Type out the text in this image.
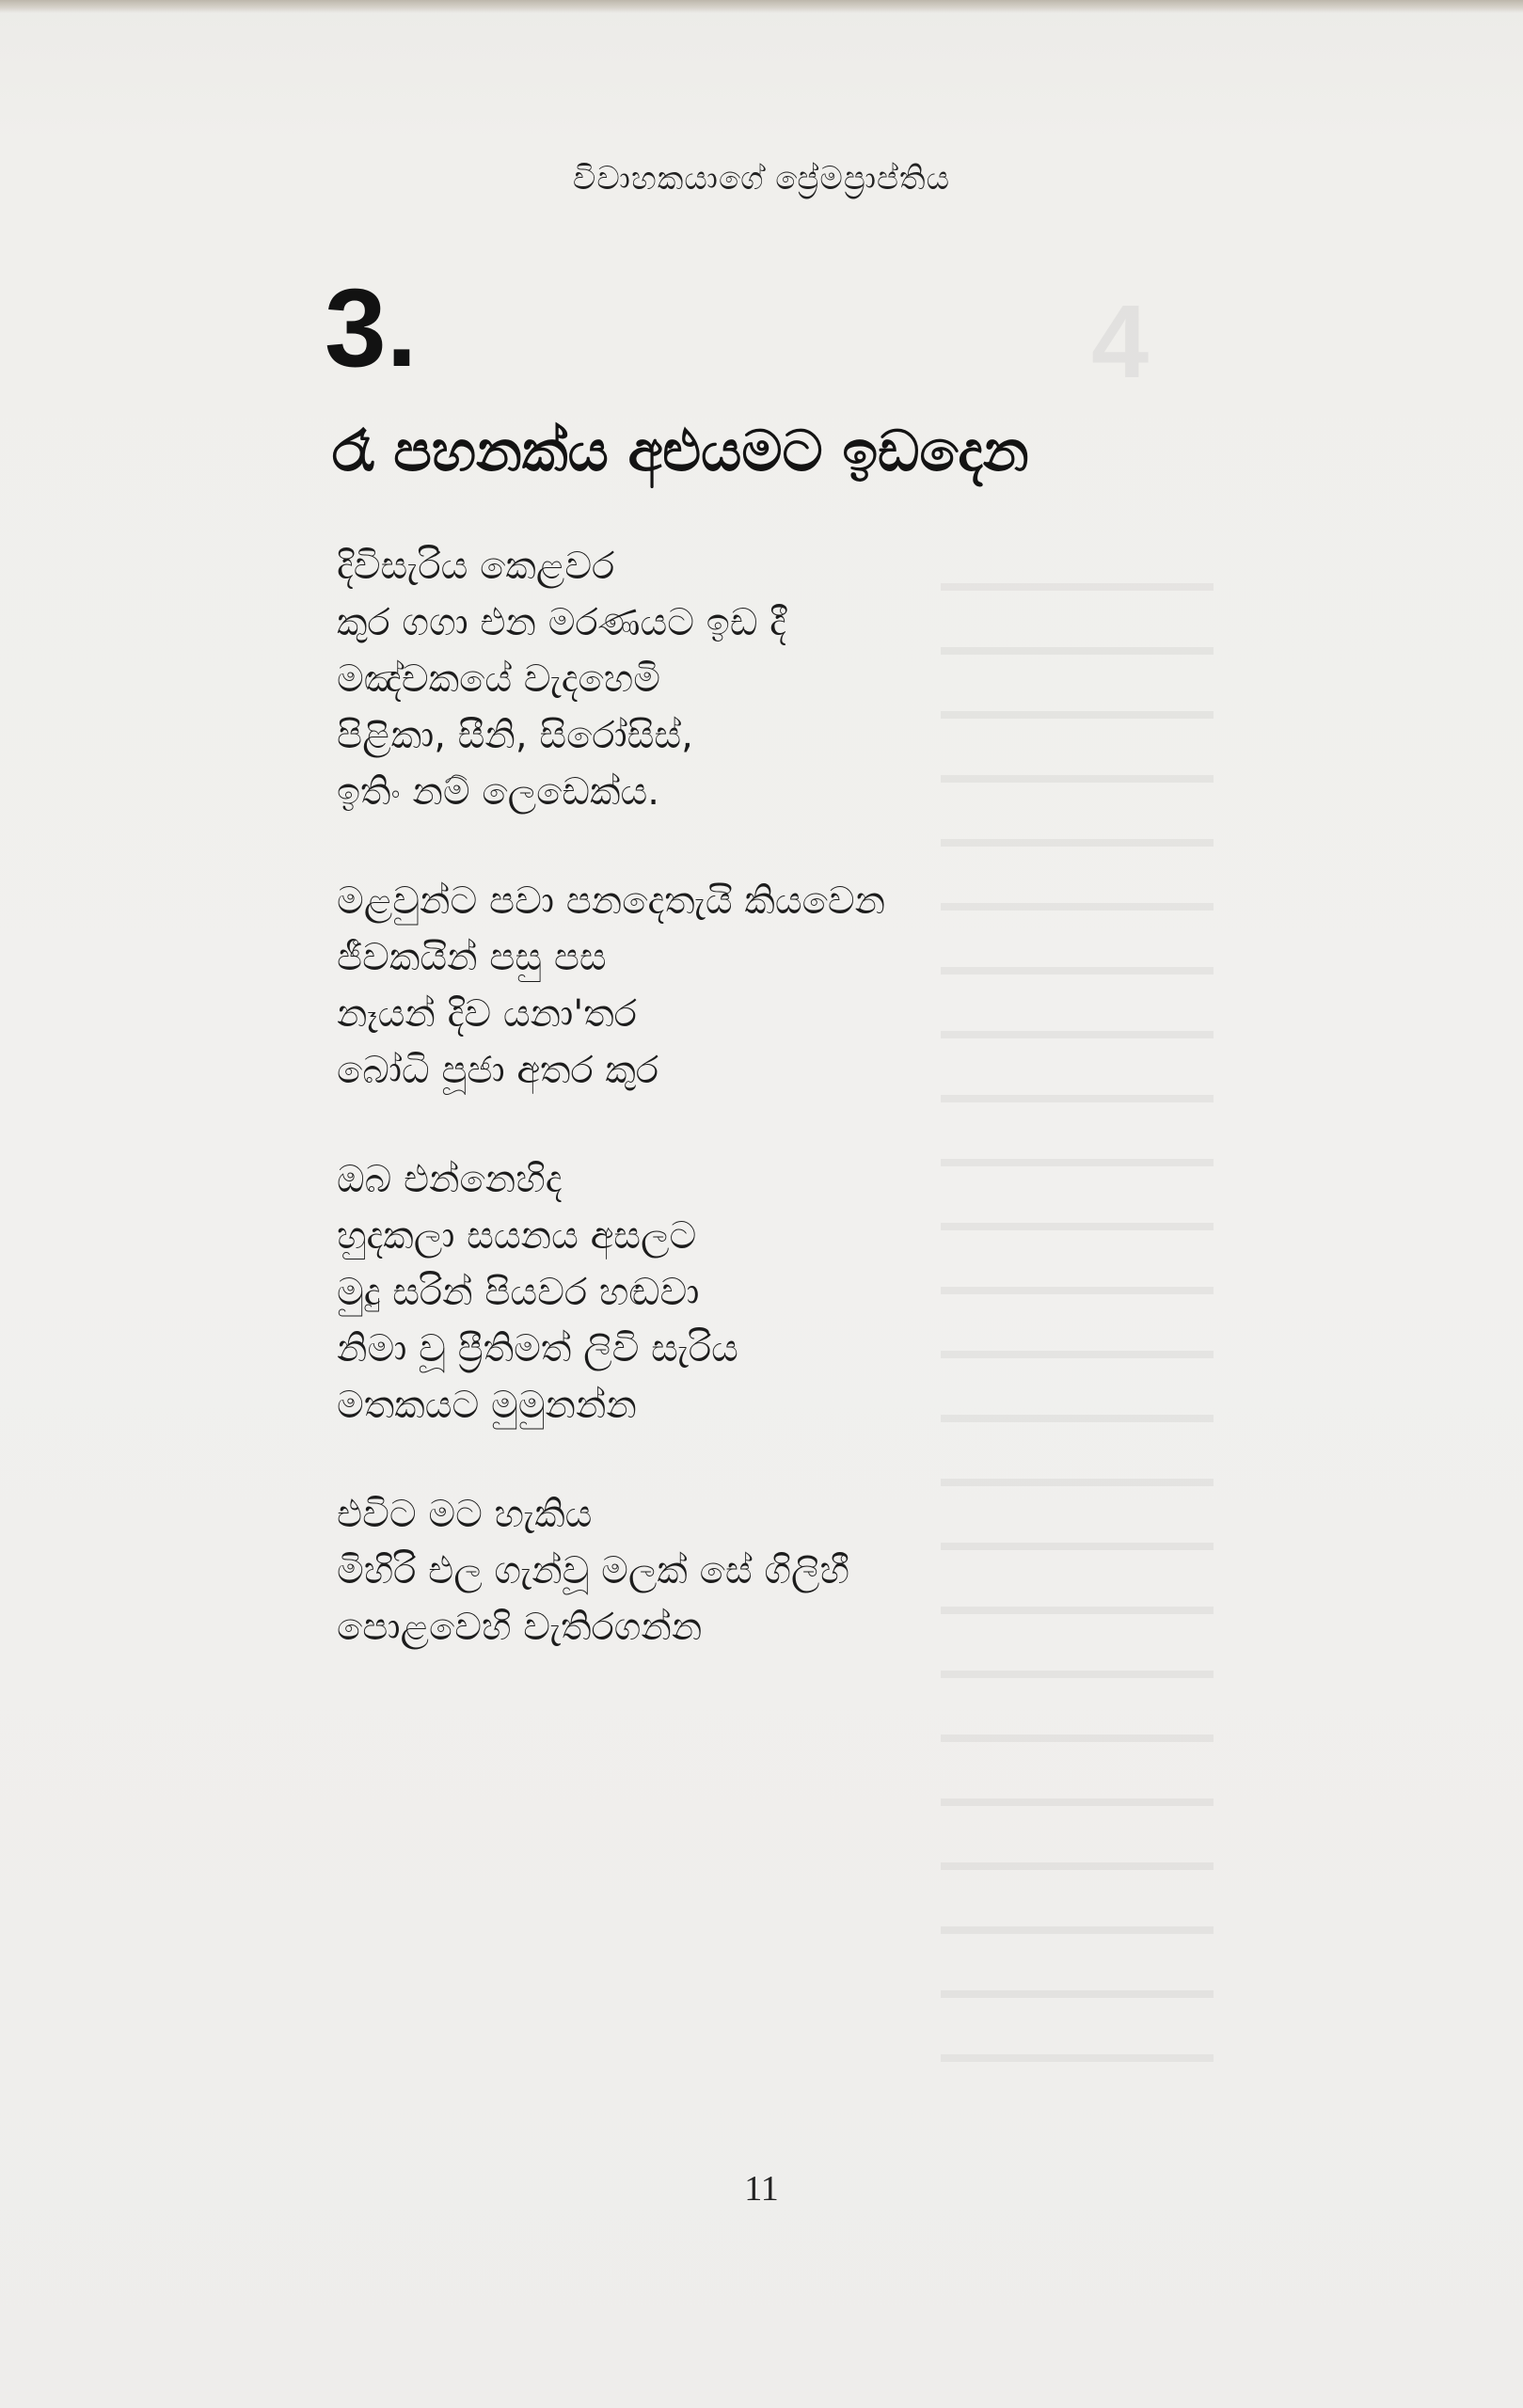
4
විවාහකයාගේ ප්‍රේමප්‍රාප්තිය
3.
රෑ පහනක්ය අළුයමට ඉඩදෙන
දිවිසැරිය කෙළවර
කුර ගගා එන මරණයට ඉඩ දී
මඤ්චකයේ වැදහෙමි
පිළිකා, සීනි, සිරෝසිස්,
ඉතිං නම් ලෙඩෙක්ය.
මළවුන්ට පවා පනදෙතැයි කියවෙන
ජීවකයින් පසු පස
නෑයන් දිව යනා'තර
බෝධි පූජා අතර කුර
ඔබ එන්නෙහිද
හුදකලා සයනය අසලට
මුදු සරින් පියවර හඬවා
නිමා වූ ප්‍රීතිමත් ලිවි සැරිය
මතකයට මුමුනන්න
එවිට මට හැකිය
මිහිරි එල ගැන්වූ මලක් සේ ගිලිහී
පොළවෙහි වැතිරගන්න
11
